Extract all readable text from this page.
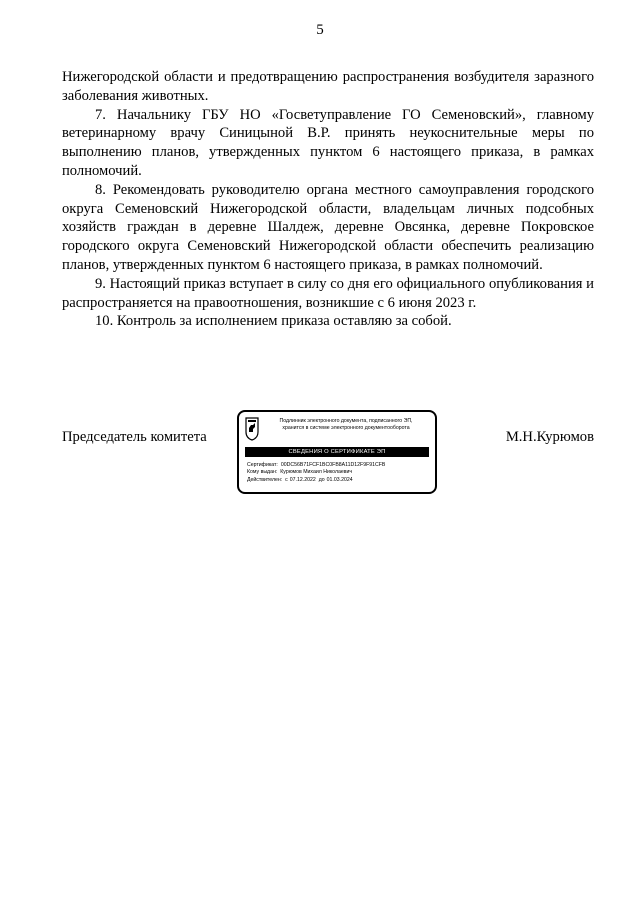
5

Нижегородской области и предотвращению распространения возбудителя заразного заболевания животных.

7. Начальнику ГБУ НО «Госветуправление ГО Семеновский», главному ветеринарному врачу Синицыной В.Р. принять неукоснительные меры по выполнению планов, утвержденных пунктом 6 настоящего приказа, в рамках полномочий.

8. Рекомендовать руководителю органа местного самоуправления городского округа Семеновский Нижегородской области, владельцам личных подсобных хозяйств граждан в деревне Шалдеж, деревне Овсянка, деревне Покровское городского округа Семеновский Нижегородской области обеспечить реализацию планов, утвержденных пунктом 6 настоящего приказа, в рамках полномочий.

9. Настоящий приказ вступает в силу со дня его официального опубликования и распространяется на правоотношения, возникшие с 6 июня 2023 г.

10. Контроль за исполнением приказа оставляю за собой.

Председатель комитета
Подлинник электронного документа, подписанного ЭП,
хранится в системе электронного документооборота
СВЕДЕНИЯ О СЕРТИФИКАТЕ ЭП
Сертификат: 00DC56B71FCF1BC0FB8A11D12F9F91CFB
Кому выдан: Курюмов Михаил Николаевич
Действителен: с 07.12.2022 до 01.03.2024
М.Н.Курюмов
